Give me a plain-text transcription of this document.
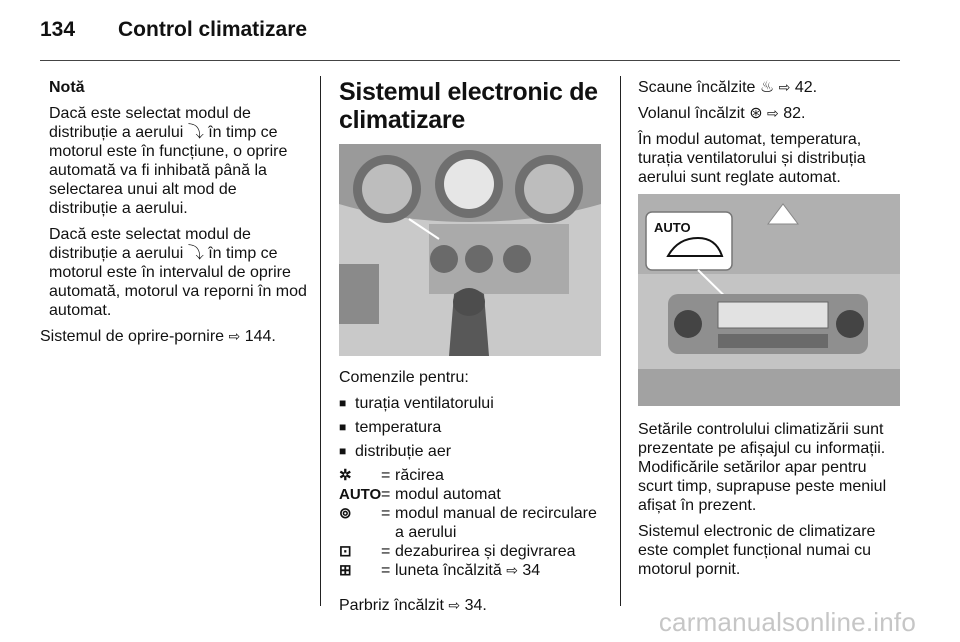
134 Control climatizare

Notă

Dacă este selectat modul de distribuție a aerului ⤵ în timp ce motorul este în funcțiune, o oprire automată va fi inhibată până la selectarea unui alt mod de distribuție a aerului.

Dacă este selectat modul de distribuție a aerului ⤵ în timp ce motorul este în intervalul de oprire automată, motorul va reporni în mod automat.

Sistemul de oprire-pornire ⇨ 144.

Sistemul electronic de climatizare

Comenzile pentru:

■ turația ventilatorului
■ temperatura
■ distribuție aer
✲	= răcirea
AUTO = modul automat
⊚	= modul manual de recirculare a aerului
⊡	= dezaburirea și degivrarea
⊞	= luneta încălzită ⇨ 34

Parbriz încălzit ⇨ 34.

Scaune încălzite ♨ ⇨ 42.

Volanul încălzit ⊛ ⇨ 82.

În modul automat, temperatura, turația ventilatorului și distribuția aerului sunt reglate automat.

AUTO

Setările controlului climatizării sunt prezentate pe afișajul cu informații. Modificările setărilor apar pentru scurt timp, suprapuse peste meniul afișat în prezent.

Sistemul electronic de climatizare este complet funcțional numai cu motorul pornit.

carmanualsonline.info
